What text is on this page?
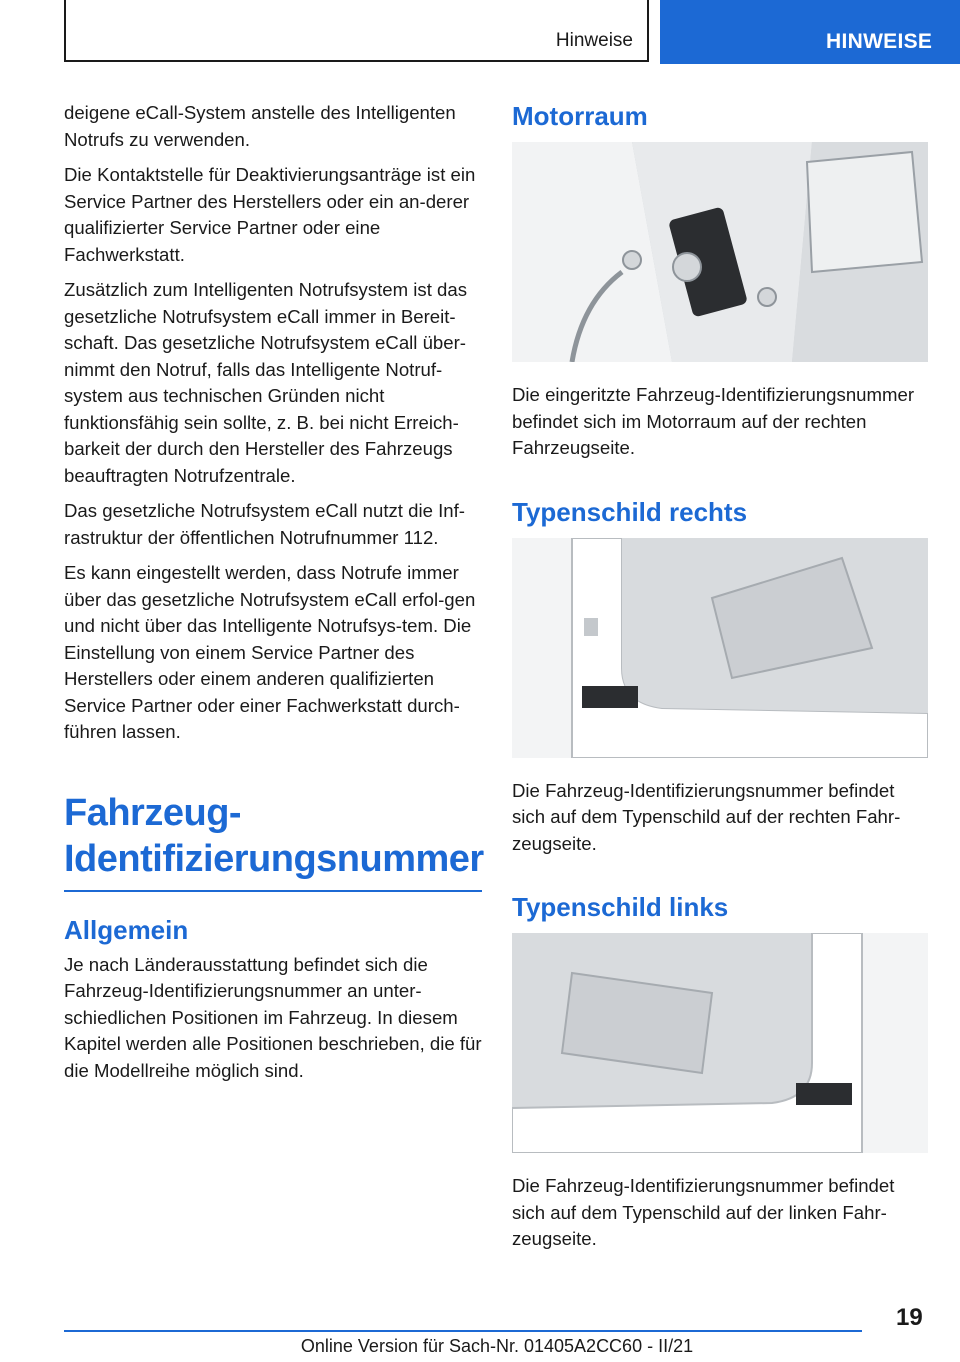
Hinweise	HINWEISE

deigene eCall-System anstelle des Intelligenten Notrufs zu verwenden.

Die Kontaktstelle für Deaktivierungsanträge ist ein Service Partner des Herstellers oder ein an-derer qualifizierter Service Partner oder eine Fachwerkstatt.

Zusätzlich zum Intelligenten Notrufsystem ist das gesetzliche Notrufsystem eCall immer in Bereit-schaft. Das gesetzliche Notrufsystem eCall über-nimmt den Notruf, falls das Intelligente Notruf-system aus technischen Gründen nicht funktionsfähig sein sollte, z. B. bei nicht Erreich-barkeit der durch den Hersteller des Fahrzeugs beauftragten Notrufzentrale.

Das gesetzliche Notrufsystem eCall nutzt die Inf-rastruktur der öffentlichen Notrufnummer 112.

Es kann eingestellt werden, dass Notrufe immer über das gesetzliche Notrufsystem eCall erfol-gen und nicht über das Intelligente Notrufsys-tem. Die Einstellung von einem Service Partner des Herstellers oder einem anderen qualifizierten Service Partner oder einer Fachwerkstatt durch-führen lassen.

Fahrzeug-Identifizierungsnummer
Allgemein

Je nach Länderausstattung befindet sich die Fahrzeug-Identifizierungsnummer an unter-schiedlichen Positionen im Fahrzeug. In diesem Kapitel werden alle Positionen beschrieben, die für die Modellreihe möglich sind.

Motorraum

Die eingeritzte Fahrzeug-Identifizierungsnummer befindet sich im Motorraum auf der rechten Fahrzeugseite.

Typenschild rechts

Die Fahrzeug-Identifizierungsnummer befindet sich auf dem Typenschild auf der rechten Fahr-zeugseite.

Typenschild links

Die Fahrzeug-Identifizierungsnummer befindet sich auf dem Typenschild auf der linken Fahr-zeugseite.

19
Online Version für Sach-Nr. 01405A2CC60 - II/21
